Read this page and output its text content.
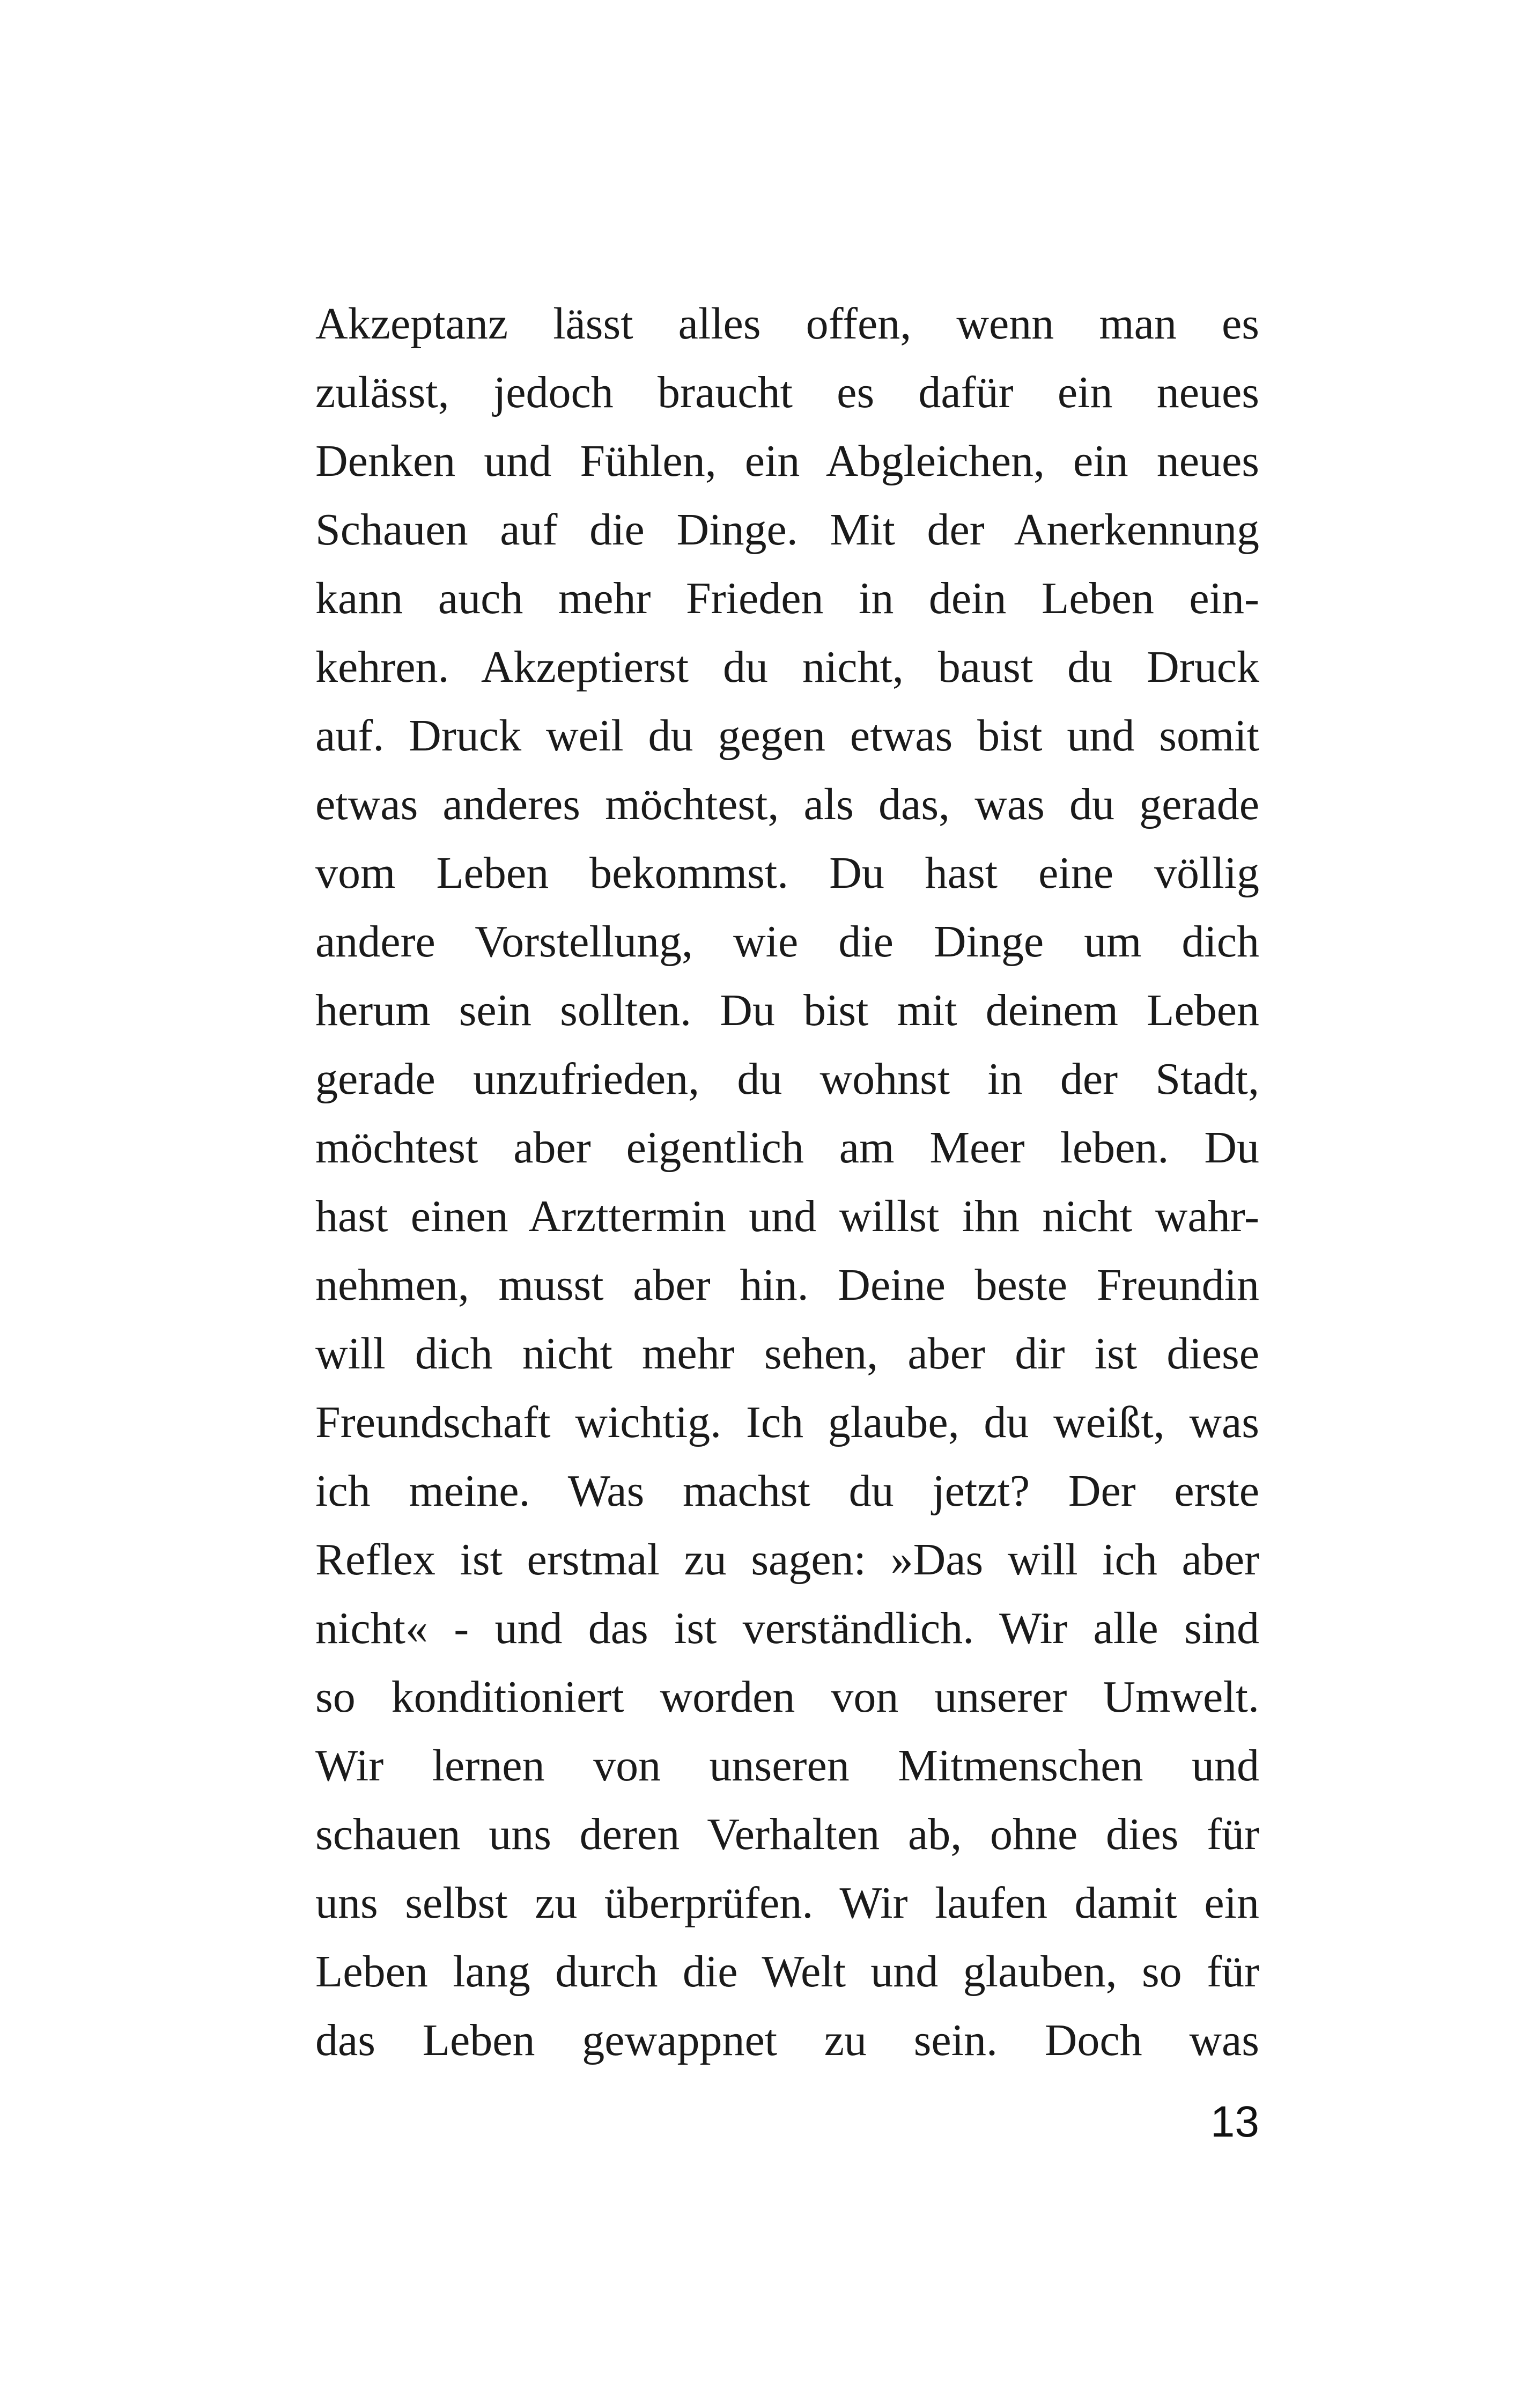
Akzeptanz lässt alles offen, wenn man es
zulässt, jedoch braucht es dafür ein neues
Denken und Fühlen, ein Abgleichen, ein neues
Schauen auf die Dinge. Mit der Anerkennung
kann auch mehr Frieden in dein Leben ein-
kehren. Akzeptierst du nicht, baust du Druck
auf. Druck weil du gegen etwas bist und somit
etwas anderes möchtest, als das, was du gerade
vom Leben bekommst. Du hast eine völlig
andere Vorstellung, wie die Dinge um dich
herum sein sollten. Du bist mit deinem Leben
gerade unzufrieden, du wohnst in der Stadt,
möchtest aber eigentlich am Meer leben. Du
hast einen Arzttermin und willst ihn nicht wahr-
nehmen, musst aber hin. Deine beste Freundin
will dich nicht mehr sehen, aber dir ist diese
Freundschaft wichtig. Ich glaube, du weißt, was
ich meine. Was machst du jetzt? Der erste
Reflex ist erstmal zu sagen: »Das will ich aber
nicht« - und das ist verständlich. Wir alle sind
so konditioniert worden von unserer Umwelt.
Wir lernen von unseren Mitmenschen und
schauen uns deren Verhalten ab, ohne dies für
uns selbst zu überprüfen. Wir laufen damit ein
Leben lang durch die Welt und glauben, so für
das Leben gewappnet zu sein. Doch was
13
